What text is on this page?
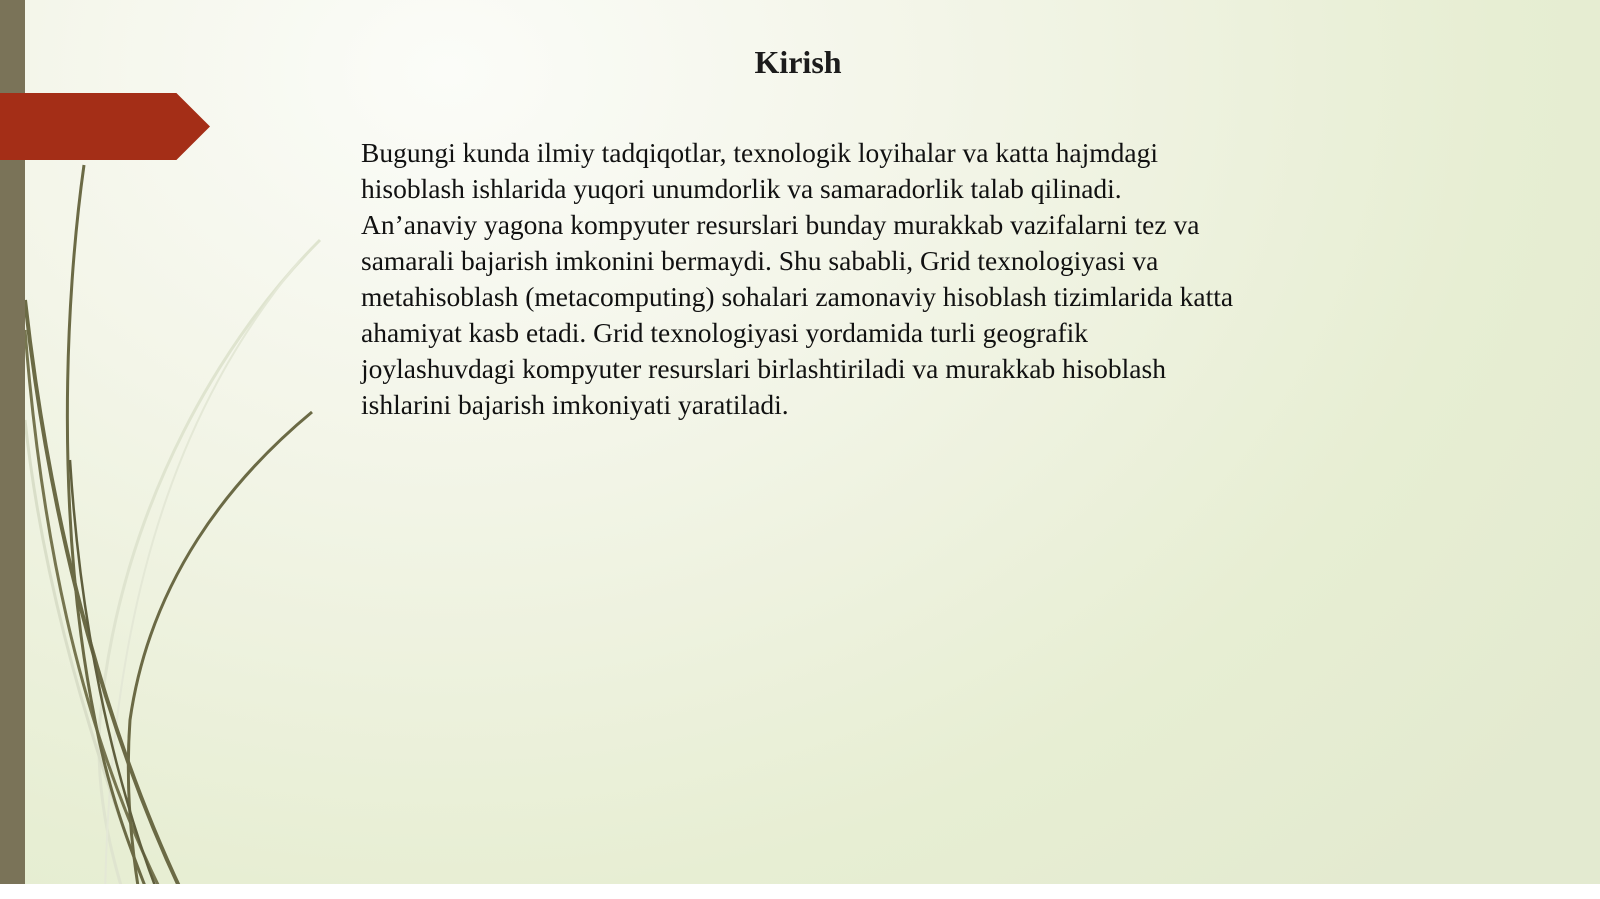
Kirish

Bugungi kunda ilmiy tadqiqotlar, texnologik loyihalar va katta hajmdagi hisoblash ishlarida yuqori unumdorlik va samaradorlik talab qilinadi. An’anaviy yagona kompyuter resurslari bunday murakkab vazifalarni tez va samarali bajarish imkonini bermaydi. Shu sababli, Grid texnologiyasi va metahisoblash (metacomputing) sohalari zamonaviy hisoblash tizimlarida katta ahamiyat kasb etadi. Grid texnologiyasi yordamida turli geografik joylashuvdagi kompyuter resurslari birlashtiriladi va murakkab hisoblash ishlarini bajarish imkoniyati yaratiladi.
